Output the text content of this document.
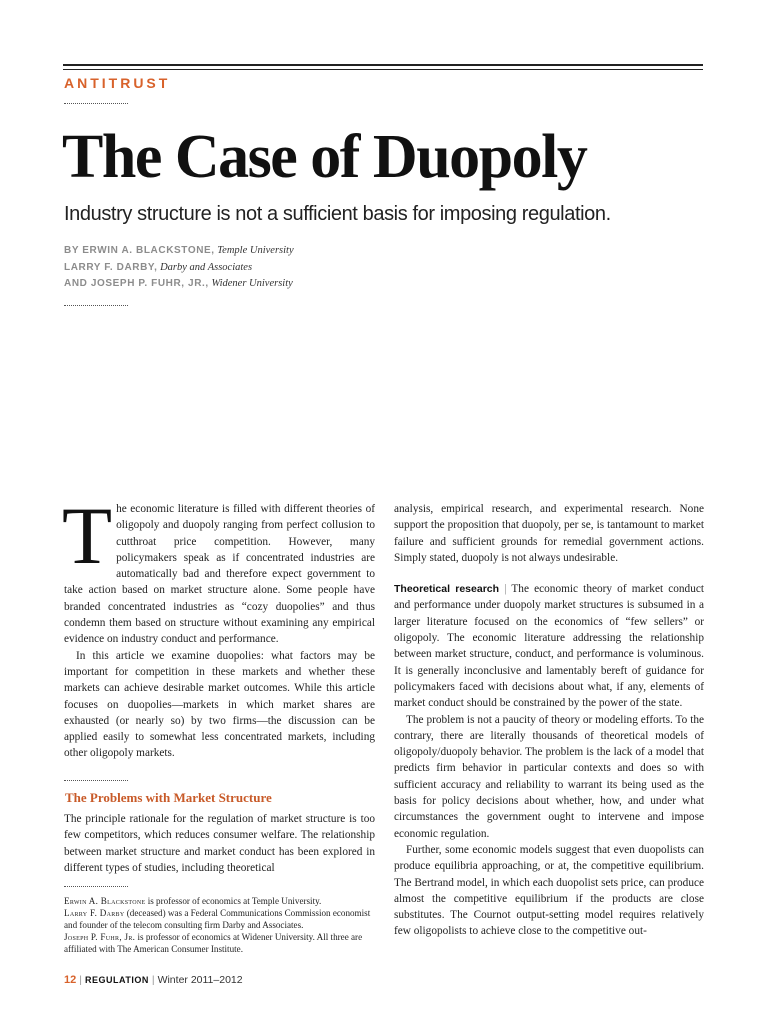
ANTITRUST
The Case of Duopoly
Industry structure is not a sufficient basis for imposing regulation.
BY ERWIN A. BLACKSTONE, Temple University
LARRY F. DARBY, Darby and Associates
AND JOSEPH P. FUHR, JR., Widener University

The economic literature is filled with different theories of oligopoly and duopoly ranging from perfect collusion to cutthroat price competition. However, many policymakers speak as if concentrated industries are automatically bad and therefore expect government to take action based on market structure alone. Some people have branded concentrated industries as “cozy duopolies” and thus condemn them based on structure without examining any empirical evidence on industry conduct and performance.

In this article we examine duopolies: what factors may be important for competition in these markets and whether these markets can achieve desirable market outcomes. While this article focuses on duopolies—markets in which market shares are exhausted (or nearly so) by two firms—the discussion can be applied easily to somewhat less concentrated markets, including other oligopoly markets.

The Problems with Market Structure

The principle rationale for the regulation of market structure is too few competitors, which reduces consumer welfare. The relationship between market structure and market conduct has been explored in different types of studies, including theoretical

Erwin A. Blackstone is professor of economics at Temple University.
Larry F. Darby (deceased) was a Federal Communications Commission economist and founder of the telecom consulting firm Darby and Associates.
Joseph P. Fuhr, Jr. is professor of economics at Widener University. All three are affiliated with The American Consumer Institute.

analysis, empirical research, and experimental research. None support the proposition that duopoly, per se, is tantamount to market failure and sufficient grounds for remedial government actions. Simply stated, duopoly is not always undesirable.

Theoretical research | The economic theory of market conduct and performance under duopoly market structures is subsumed in a larger literature focused on the economics of “few sellers” or oligopoly. The economic literature addressing the relationship between market structure, conduct, and performance is voluminous. It is generally inconclusive and lamentably bereft of guidance for policymakers faced with decisions about what, if any, elements of market conduct should be constrained by the power of the state.

The problem is not a paucity of theory or modeling efforts. To the contrary, there are literally thousands of theoretical models of oligopoly/duopoly behavior. The problem is the lack of a model that predicts firm behavior in particular contexts and does so with sufficient accuracy and reliability to warrant its being used as the basis for policy decisions about whether, how, and under what circumstances the government ought to intervene and impose economic regulation.

Further, some economic models suggest that even duopolists can produce equilibria approaching, or at, the competitive equilibrium. The Bertrand model, in which each duopolist sets price, can produce almost the competitive equilibrium if the products are close substitutes. The Cournot output-setting model requires relatively few oligopolists to achieve close to the competitive out-

12 | REGULATION | Winter 2011–2012
